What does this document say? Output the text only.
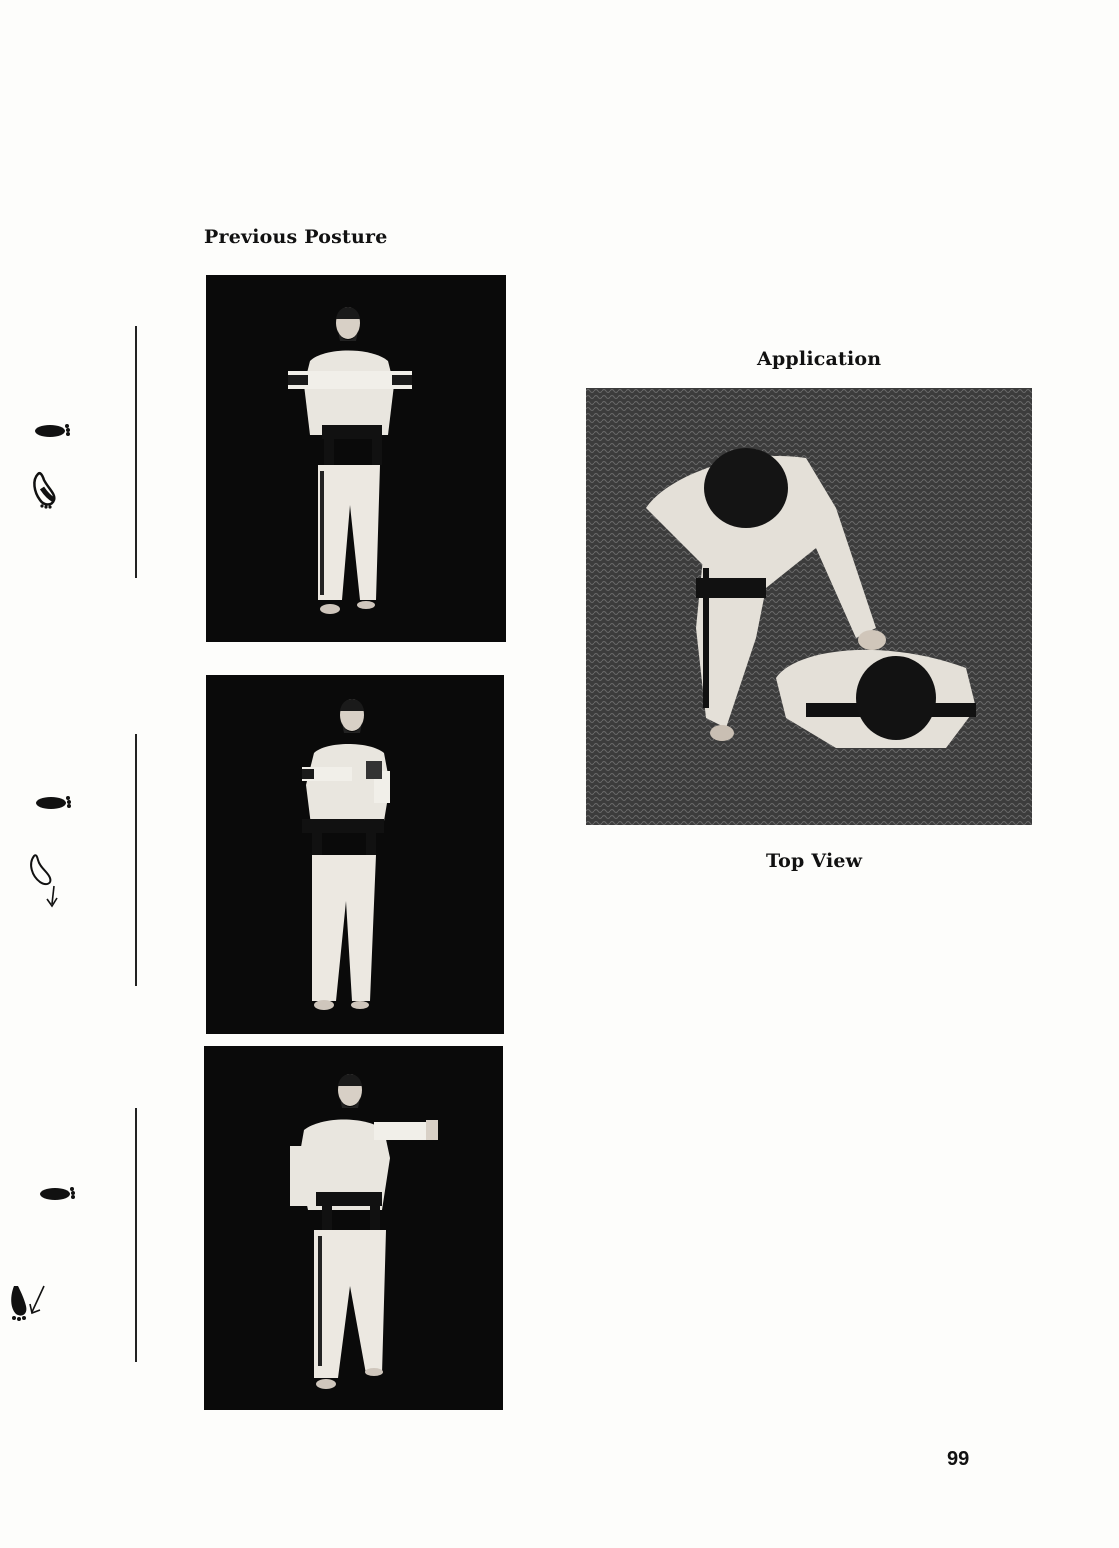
Previous Posture
Application
Top View
99
